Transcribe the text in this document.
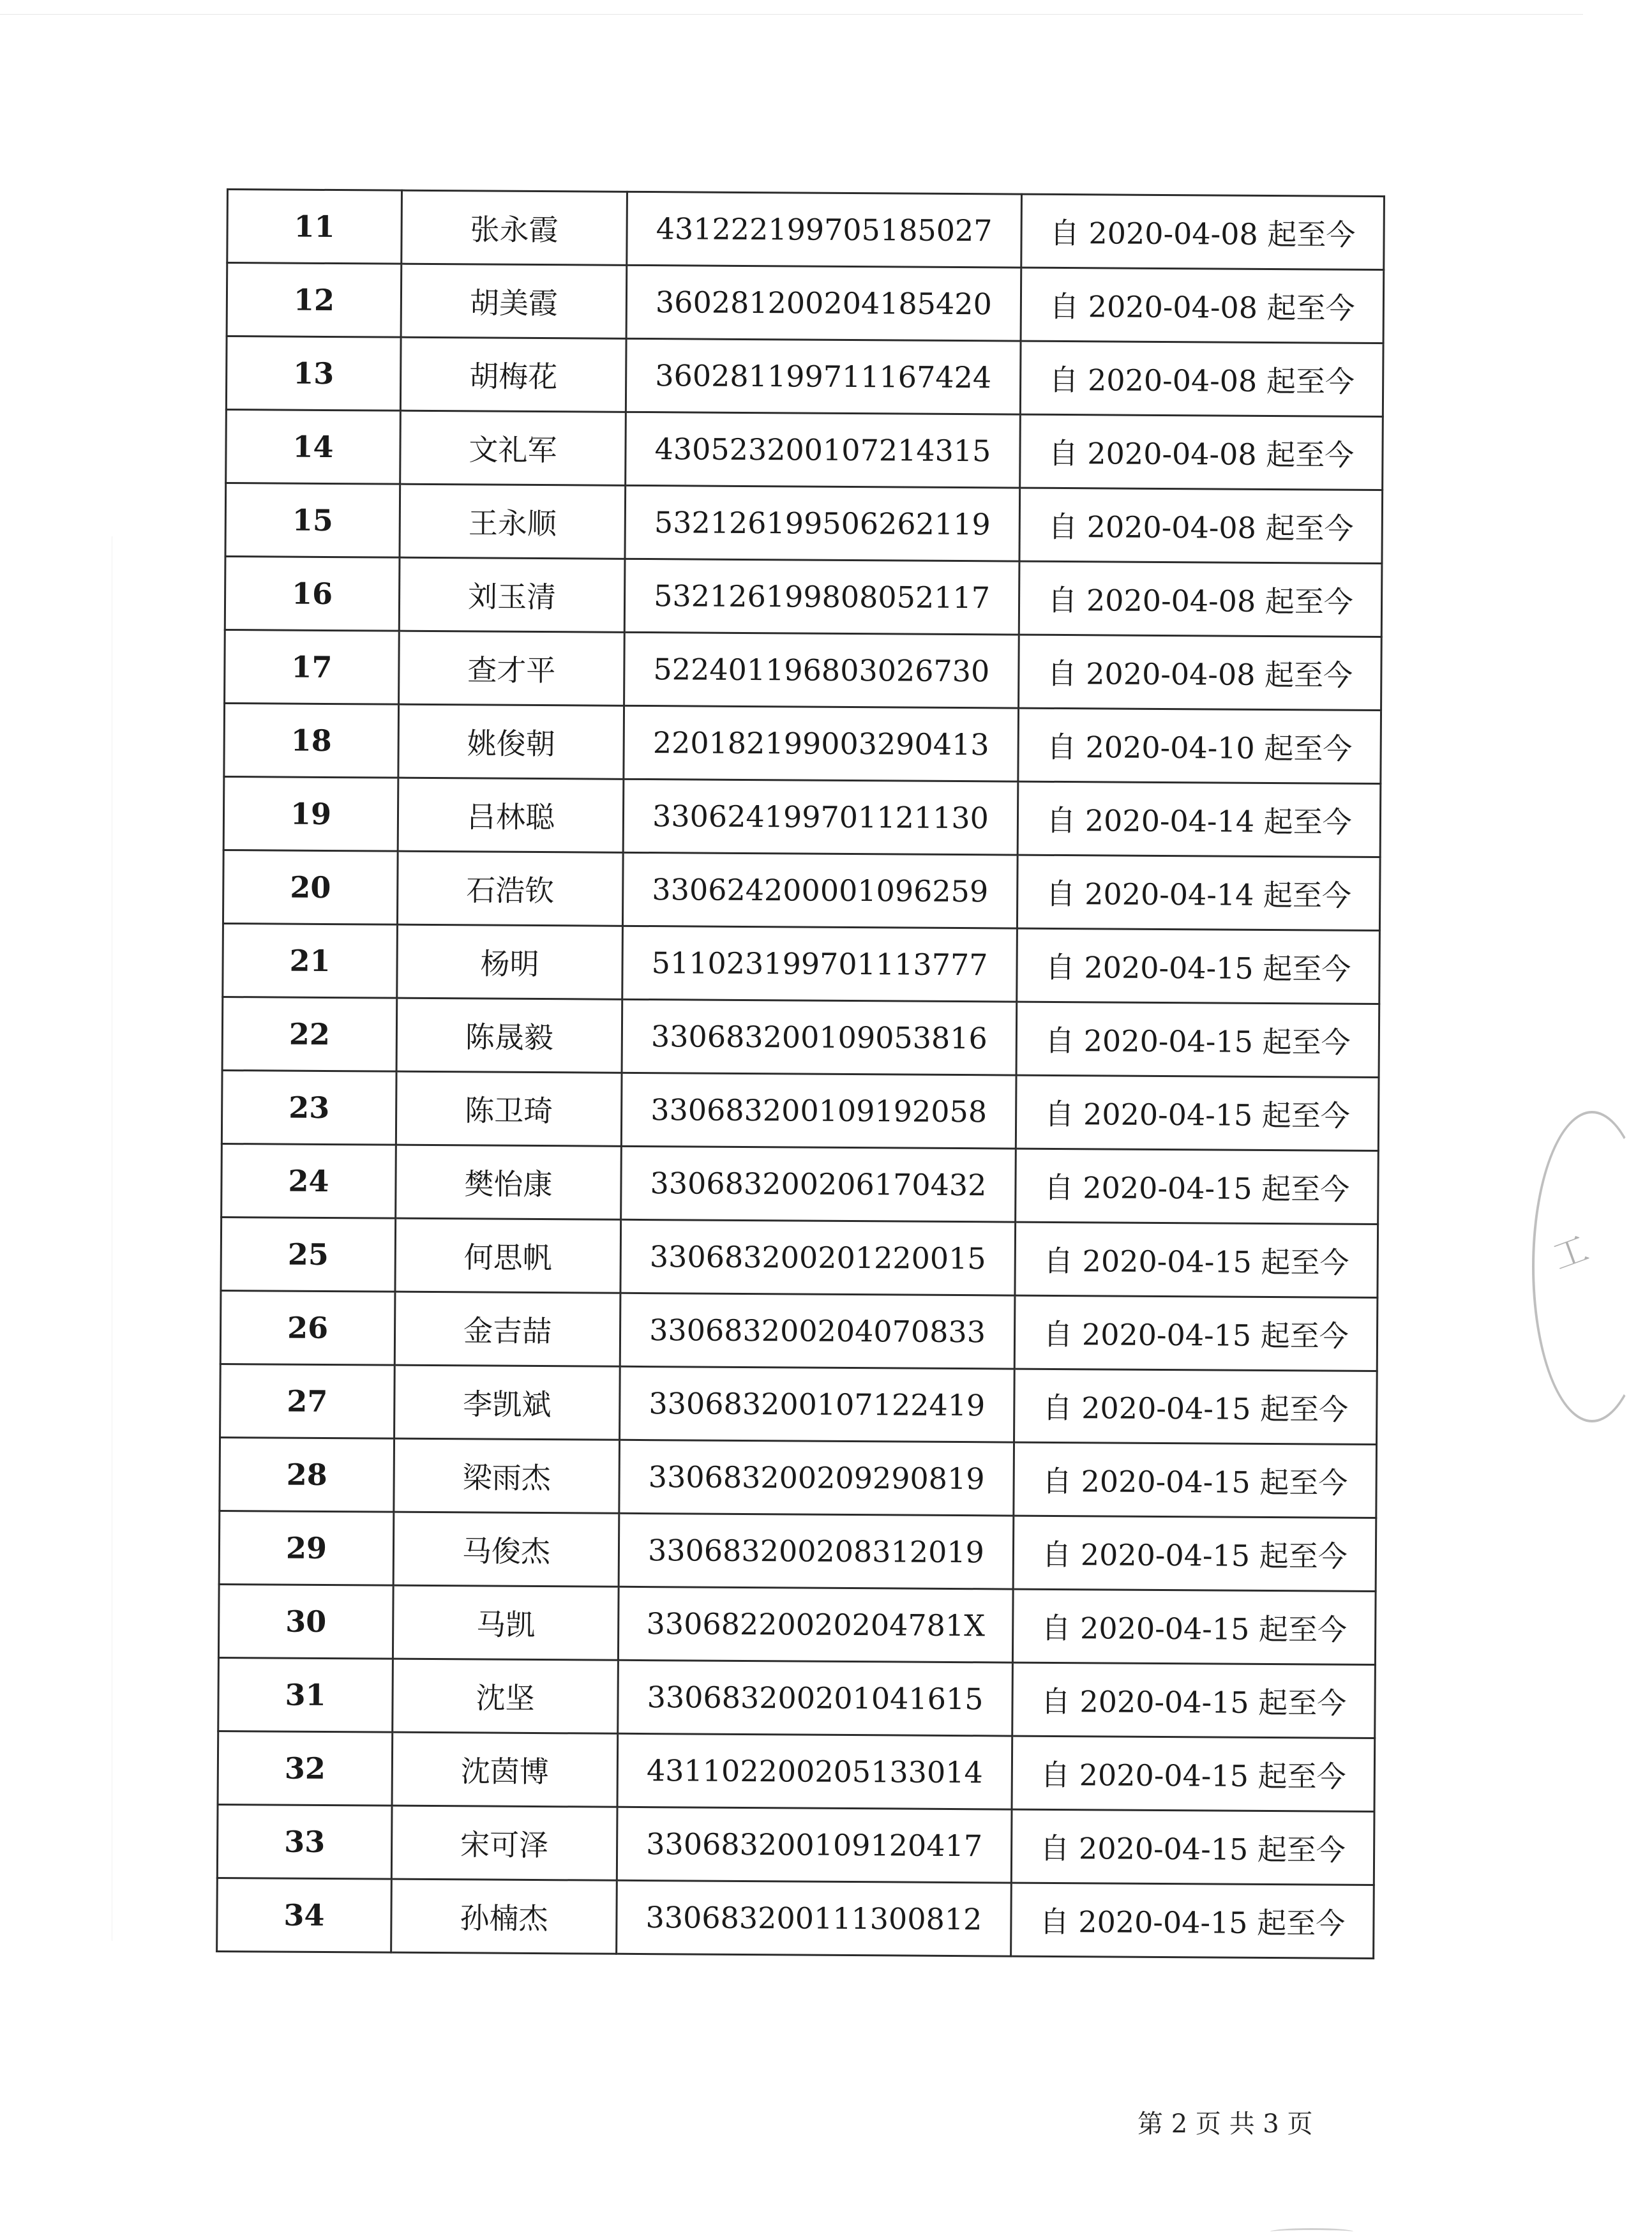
11	张永霞	431222199705185027	自 2020-04-08 起至今
12	胡美霞	360281200204185420	自 2020-04-08 起至今
13	胡梅花	360281199711167424	自 2020-04-08 起至今
14	文礼军	430523200107214315	自 2020-04-08 起至今
15	王永顺	532126199506262119	自 2020-04-08 起至今
16	刘玉清	532126199808052117	自 2020-04-08 起至今
17	查才平	522401196803026730	自 2020-04-08 起至今
18	姚俊朝	220182199003290413	自 2020-04-10 起至今
19	吕林聪	330624199701121130	自 2020-04-14 起至今
20	石浩钦	330624200001096259	自 2020-04-14 起至今
21	杨明	511023199701113777	自 2020-04-15 起至今
22	陈晟毅	330683200109053816	自 2020-04-15 起至今
23	陈卫琦	330683200109192058	自 2020-04-15 起至今
24	樊怡康	330683200206170432	自 2020-04-15 起至今
25	何思帆	330683200201220015	自 2020-04-15 起至今
26	金吉喆	330683200204070833	自 2020-04-15 起至今
27	李凯斌	330683200107122419	自 2020-04-15 起至今
28	梁雨杰	330683200209290819	自 2020-04-15 起至今
29	马俊杰	330683200208312019	自 2020-04-15 起至今
30	马凯	33068220020204781X	自 2020-04-15 起至今
31	沈坚	330683200201041615	自 2020-04-15 起至今
32	沈茵博	431102200205133014	自 2020-04-15 起至今
33	宋可泽	330683200109120417	自 2020-04-15 起至今
34	孙楠杰	330683200111300812	自 2020-04-15 起至今
工
第 2 页 共 3 页
